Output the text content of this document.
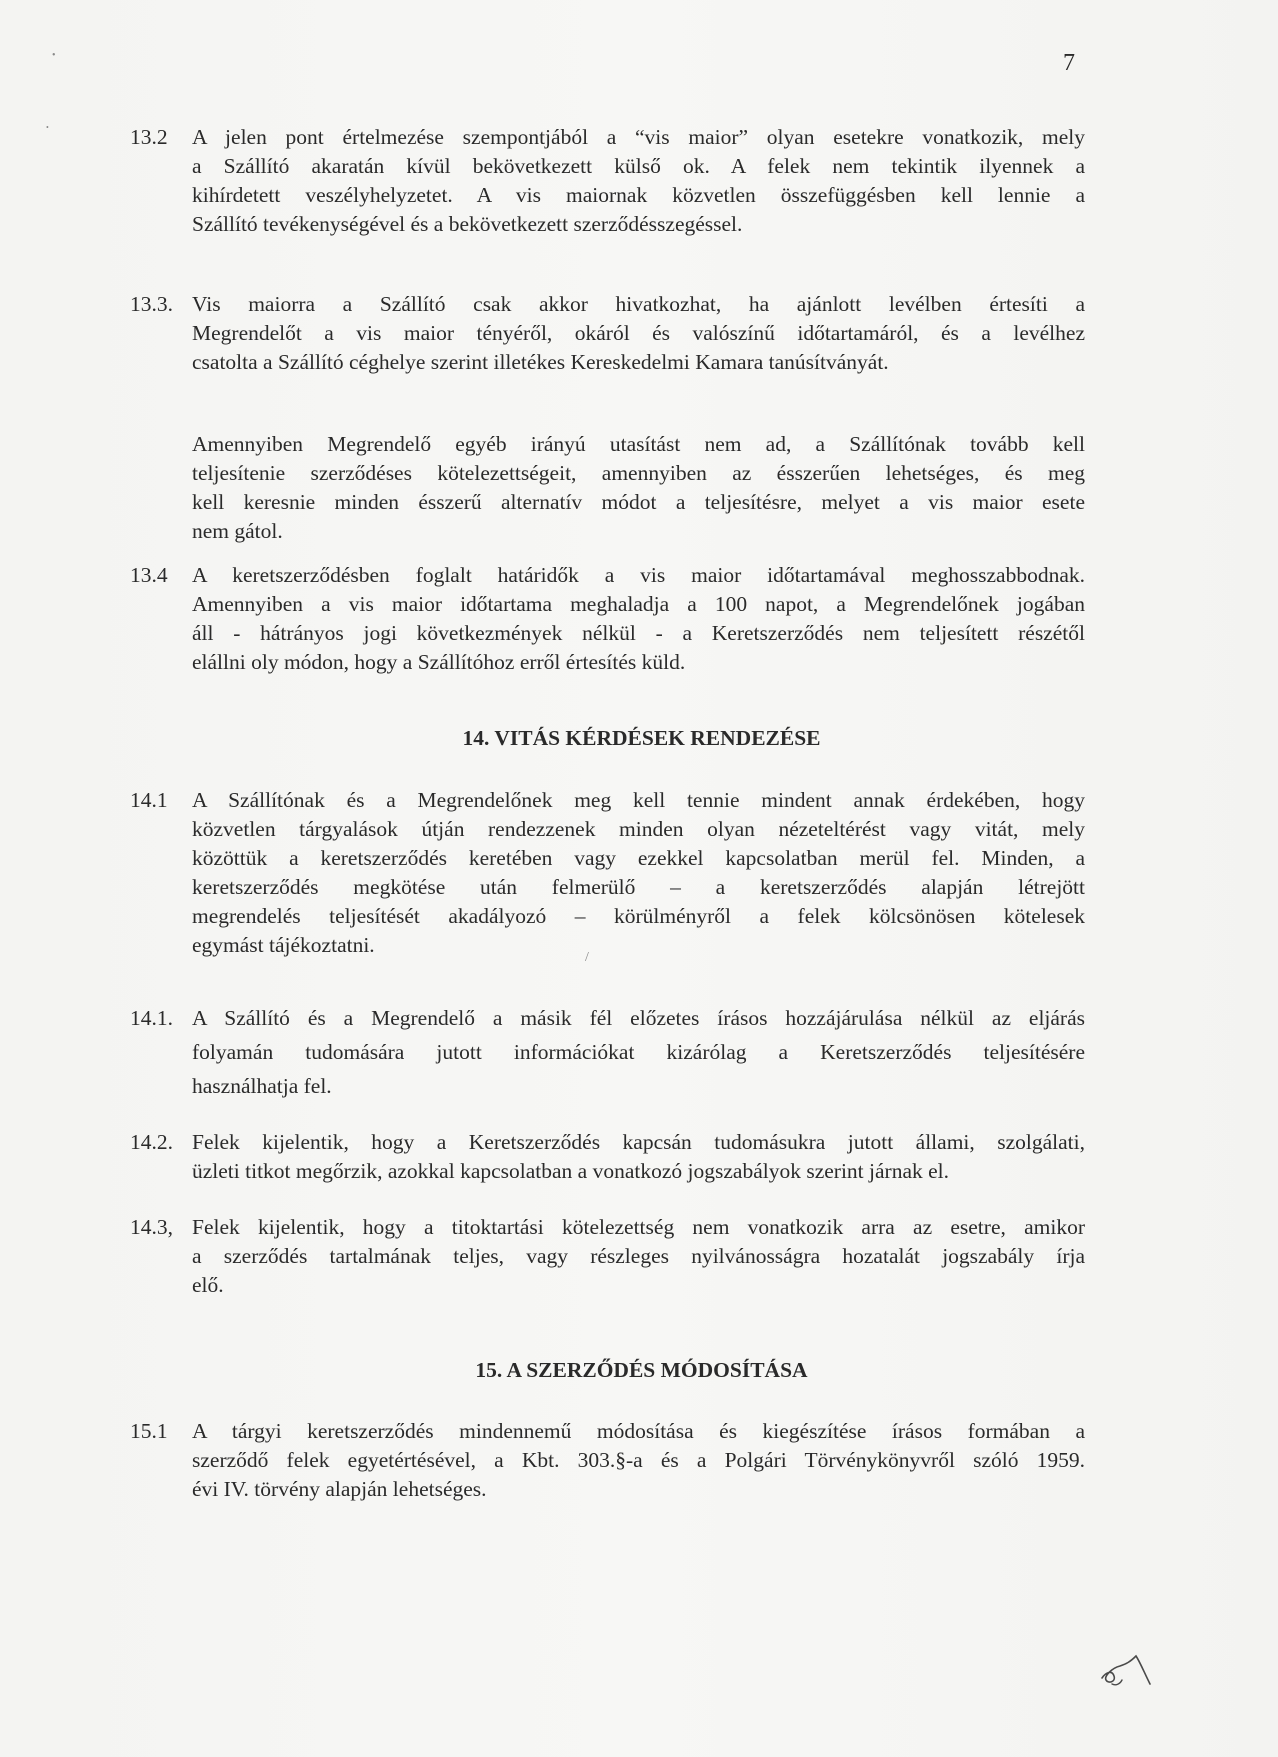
7
13.2 A jelen pont értelmezése szempontjából a “vis maior” olyan esetekre vonatkozik, mely
a Szállító akaratán kívül bekövetkezett külső ok. A felek nem tekintik ilyennek a
kihírdetett veszélyhelyzetet. A vis maiornak közvetlen összefüggésben kell lennie a
Szállító tevékenységével és a bekövetkezett szerződésszegéssel.
13.3. Vis maiorra a Szállító csak akkor hivatkozhat, ha ajánlott levélben értesíti a
Megrendelőt a vis maior tényéről, okáról és valószínű időtartamáról, és a levélhez
csatolta a Szállító céghelye szerint illetékes Kereskedelmi Kamara tanúsítványát.
Amennyiben Megrendelő egyéb irányú utasítást nem ad, a Szállítónak tovább kell
teljesítenie szerződéses kötelezettségeit, amennyiben az ésszerűen lehetséges, és meg
kell keresnie minden ésszerű alternatív módot a teljesítésre, melyet a vis maior esete
nem gátol.
13.4 A keretszerződésben foglalt határidők a vis maior időtartamával meghosszabbodnak.
Amennyiben a vis maior időtartama meghaladja a 100 napot, a Megrendelőnek jogában
áll - hátrányos jogi következmények nélkül - a Keretszerződés nem teljesített részétől
elállni oly módon, hogy a Szállítóhoz erről értesítés küld.
14. VITÁS KÉRDÉSEK RENDEZÉSE
14.1 A Szállítónak és a Megrendelőnek meg kell tennie mindent annak érdekében, hogy
közvetlen tárgyalások útján rendezzenek minden olyan nézeteltérést vagy vitát, mely
közöttük a keretszerződés keretében vagy ezekkel kapcsolatban merül fel. Minden, a
keretszerződés megkötése után felmerülő – a keretszerződés alapján létrejött
megrendelés teljesítését akadályozó – körülményről a felek kölcsönösen kötelesek
egymást tájékoztatni.
/
14.1. A Szállító és a Megrendelő a másik fél előzetes írásos hozzájárulása nélkül az eljárás
folyamán tudomására jutott információkat kizárólag a Keretszerződés teljesítésére
használhatja fel.
14.2. Felek kijelentik, hogy a Keretszerződés kapcsán tudomásukra jutott állami, szolgálati,
üzleti titkot megőrzik, azokkal kapcsolatban a vonatkozó jogszabályok szerint járnak el.
14.3, Felek kijelentik, hogy a titoktartási kötelezettség nem vonatkozik arra az esetre, amikor
a szerződés tartalmának teljes, vagy részleges nyilvánosságra hozatalát jogszabály írja
elő.
15. A SZERZŐDÉS MÓDOSÍTÁSA
15.1 A tárgyi keretszerződés mindennemű módosítása és kiegészítése írásos formában a
szerződő felek egyetértésével, a Kbt. 303.§-a és a Polgári Törvénykönyvről szóló 1959.
évi IV. törvény alapján lehetséges.
•
•
